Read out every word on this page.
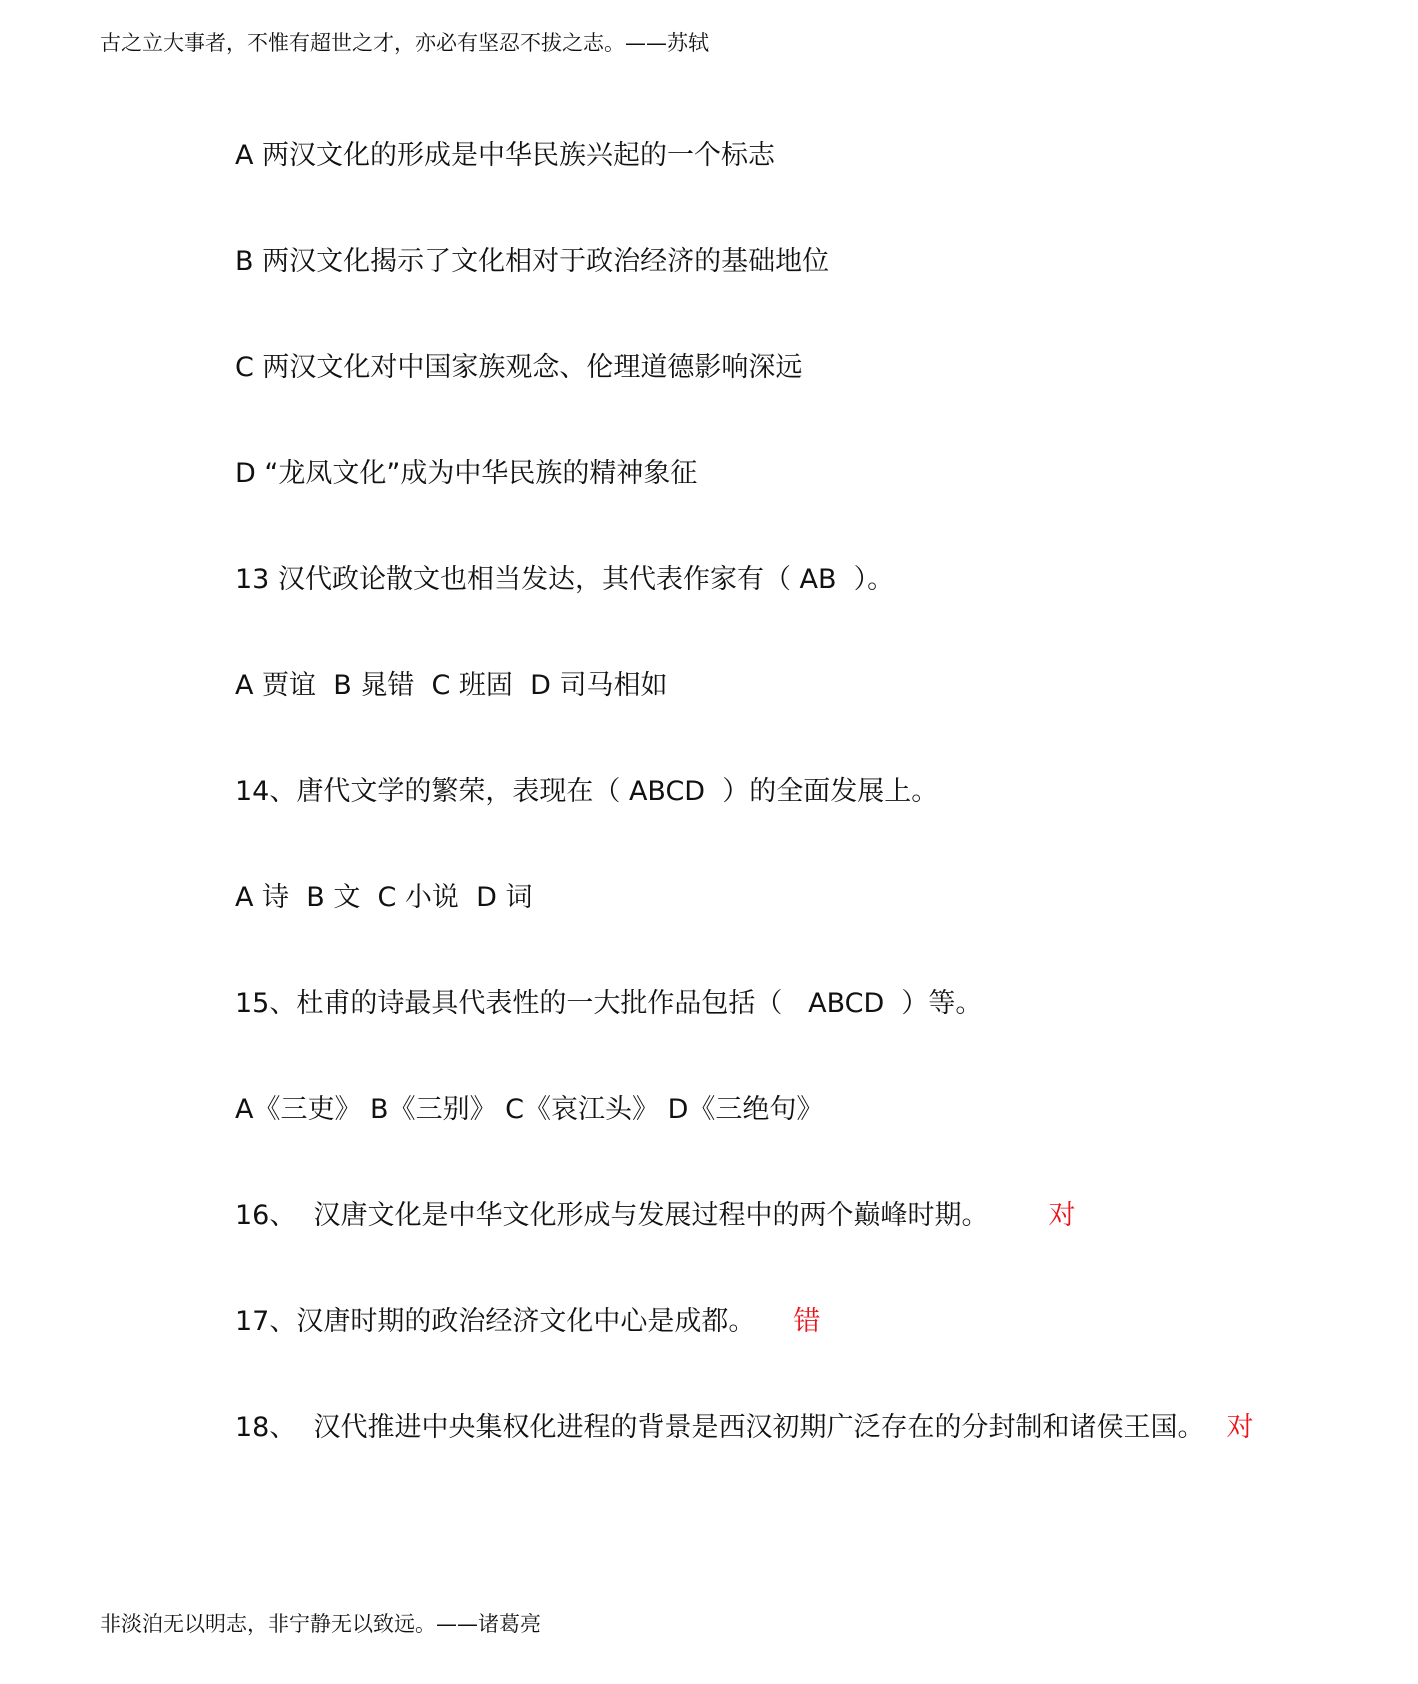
古之立大事者，不惟有超世之才，亦必有坚忍不拔之志。——苏轼
A 两汉文化的形成是中华民族兴起的一个标志
B 两汉文化揭示了文化相对于政治经济的基础地位
C 两汉文化对中国家族观念、伦理道德影响深远
D “龙凤文化”成为中华民族的精神象征
13 汉代政论散文也相当发达，其代表作家有（ AB  ）。
A 贾谊  B 晁错  C 班固  D 司马相如
14、唐代文学的繁荣，表现在（ ABCD  ）的全面发展上。
A 诗  B 文  C 小说  D 词
15、杜甫的诗最具代表性的一大批作品包括（   ABCD  ）等。
A《三吏》 B《三别》 C《哀江头》 D《三绝句》
16、  汉唐文化是中华文化形成与发展过程中的两个巅峰时期。 对
17、汉唐时期的政治经济文化中心是成都。 错
18、  汉代推进中央集权化进程的背景是西汉初期广泛存在的分封制和诸侯王国。 对
非淡泊无以明志，非宁静无以致远。——诸葛亮
